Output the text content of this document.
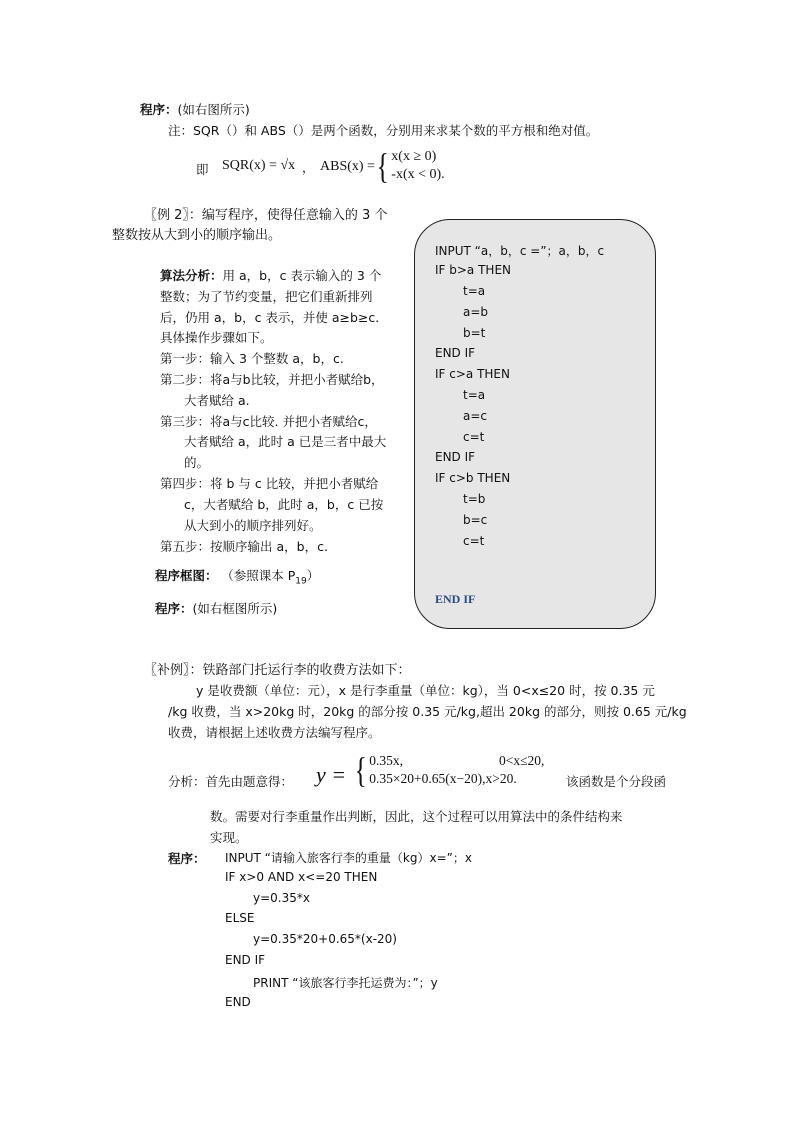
程序：(如右图所示)
注：SQR（）和 ABS（）是两个函数，分别用来求某个数的平方根和绝对值。
即 SQR(x) = √x ， ABS(x) = { x(x ≥ 0)
-x(x < 0).
〖例 2〗：编写程序，使得任意输入的 3 个
整数按从大到小的顺序输出。
算法分析：用 a，b，c 表示输入的 3 个
整数；为了节约变量，把它们重新排列
后，仍用 a，b，c 表示，并使 a≥b≥c.
具体操作步骤如下。
第一步：输入 3 个整数 a，b，c.
第二步：将a与b比较，并把小者赋给b，
大者赋给 a.
第三步：将a与c比较. 并把小者赋给c，
大者赋给 a，此时 a 已是三者中最大
的。
第四步：将 b 与 c 比较，并把小者赋给
c，大者赋给 b，此时 a，b，c 已按
从大到小的顺序排列好。
第五步：按顺序输出 a，b，c.
程序框图： （参照课本 $P_{19}$）
程序：(如右框图所示)
INPUT “a，b，c =”；a，b，c
IF b>a THEN
t=a
a=b
b=t
END IF
IF c>a THEN
t=a
a=c
c=t
END IF
IF c>b THEN
t=b
b=c
c=t
END IF
〖补例〗：铁路部门托运行李的收费方法如下：
y 是收费额（单位：元），x 是行李重量（单位：kg），当 0<x≤20 时，按 0.35 元
/kg 收费，当 x>20kg 时，20kg 的部分按 0.35 元/kg,超出 20kg 的部分，则按 0.65 元/kg
收费，请根据上述收费方法编写程序。
分析：首先由题意得： y = { 0.35x,	0<x≤20,
0.35×20+0.65(x−20),x>20.	该函数是个分段函
数。需要对行李重量作出判断，因此，这个过程可以用算法中的条件结构来
实现。
程序： INPUT “请输入旅客行李的重量（kg）x=”；x
IF x>0 AND x<=20 THEN
y=0.35*x
ELSE
y=0.35*20+0.65*(x-20)
END IF
PRINT “该旅客行李托运费为：”；y
END
